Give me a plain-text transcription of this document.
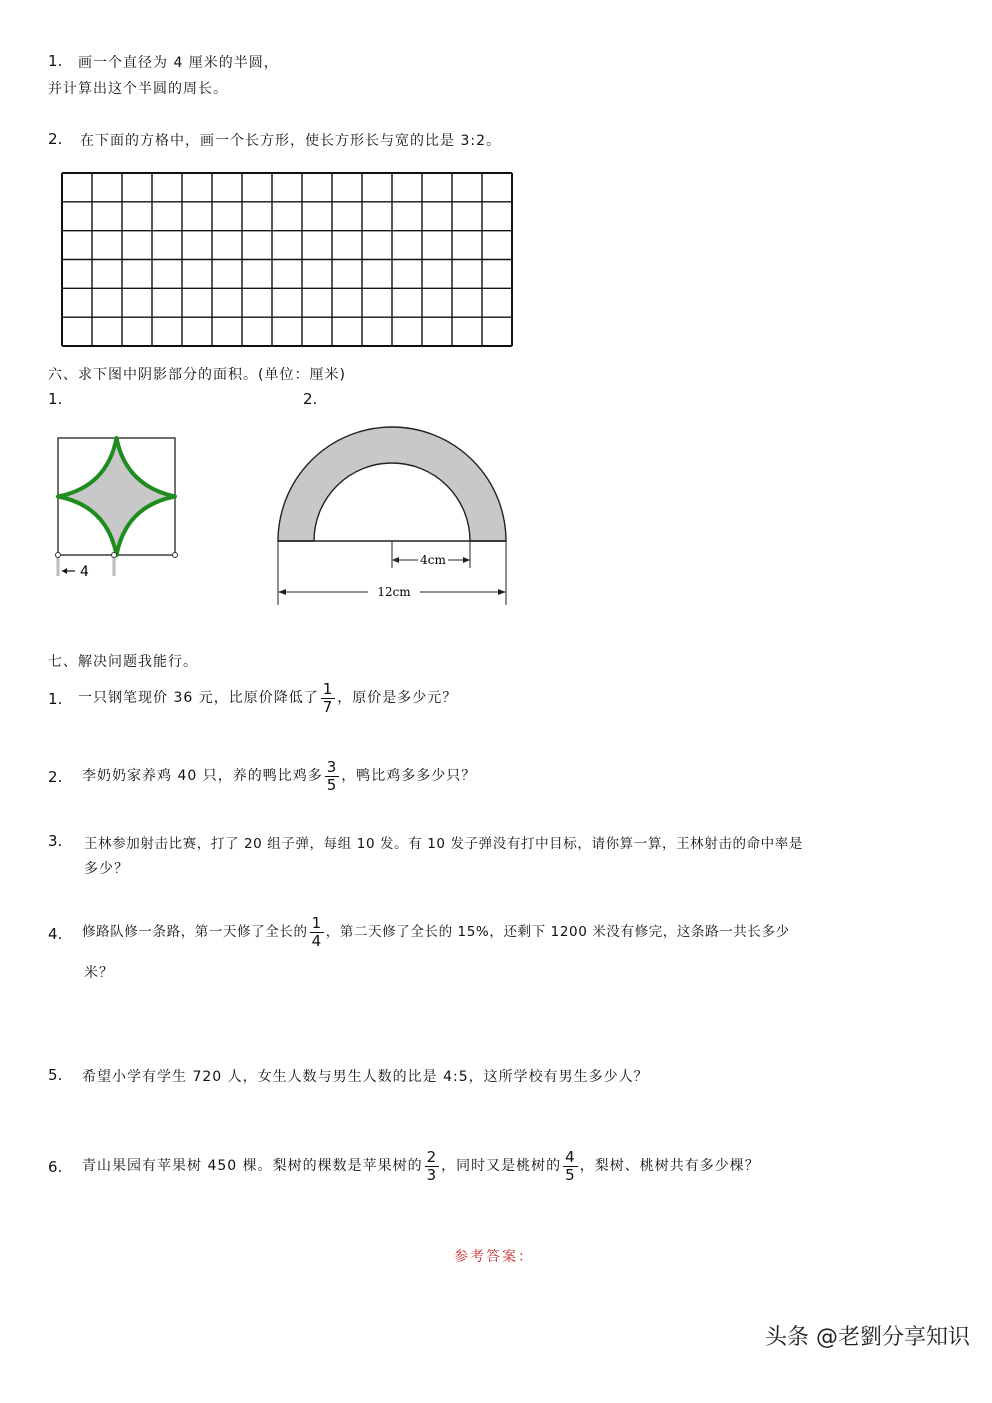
1. 画一个直径为 4 厘米的半圆，
并计算出这个半圆的周长。
2. 在下面的方格中，画一个长方形，使长方形长与宽的比是 3:2。
六、求下图中阴影部分的面积。(单位：厘米)
1.	2.
4
4cm
12cm
七、解决问题我能行。
1. 一只钢笔现价 36 元，比原价降低了 $\frac{1}{7}$ ，原价是多少元？
2. 李奶奶家养鸡 40 只，养的鸭比鸡多 $\frac{3}{5}$ ，鸭比鸡多多少只？
3. 王林参加射击比赛，打了 20 组子弹，每组 10 发。有 10 发子弹没有打中目标，请你算一算，王林射击的命中率是
多少？
4. 修路队修一条路，第一天修了全长的 $\frac{1}{4}$ ，第二天修了全长的 15%，还剩下 1200 米没有修完，这条路一共长多少
米？
5. 希望小学有学生 720 人，女生人数与男生人数的比是 4:5，这所学校有男生多少人？
6. 青山果园有苹果树 450 棵。梨树的棵数是苹果树的 $\frac{2}{3}$ ，同时又是桃树的 $\frac{4}{5}$ ，梨树、桃树共有多少棵？
参考答案：
头条 @老劉分享知识
